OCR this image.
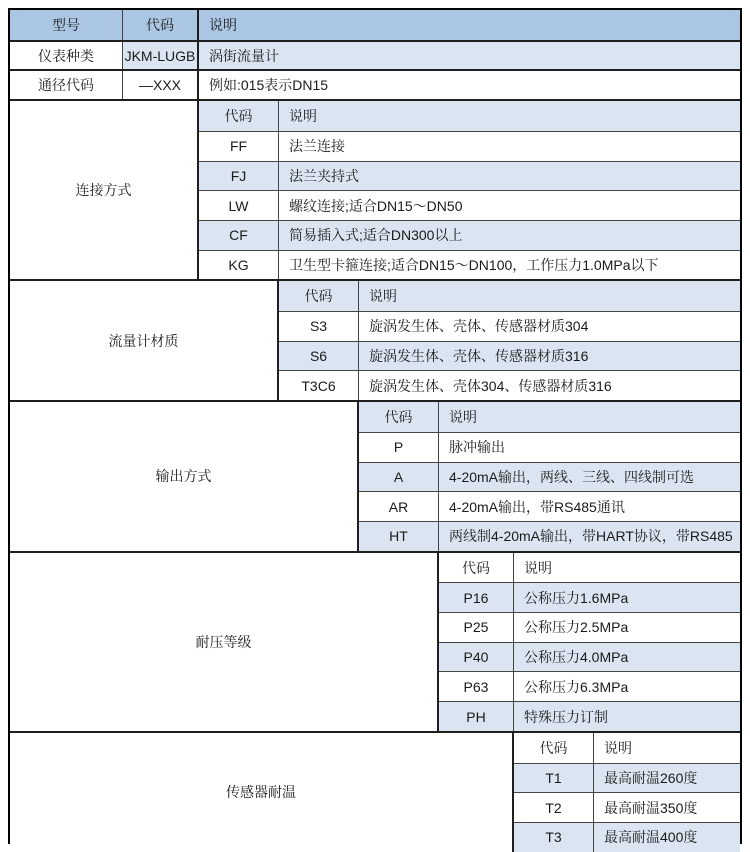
型号	代码	说明
仪表种类	JKM-LUGB 涡街流量计
通径代码	—XXX	例如:015表示DN15
连接方式
代码	说明
FF	法兰连接
FJ	法兰夹持式
LW	螺纹连接;适合DN15～DN50
CF	简易插入式;适合DN300以上
KG	卫生型卡箍连接;适合DN15～DN100，工作压力1.0MPa以下
流量计材质
代码	说明
S3	旋涡发生体、壳体、传感器材质304
S6	旋涡发生体、壳体、传感器材质316
T3C6	旋涡发生体、壳体304、传感器材质316
输出方式
代码	说明
P	脉冲输出
A	4-20mA输出，两线、三线、四线制可选
AR	4-20mA输出，带RS485通讯
HT	两线制4-20mA输出，带HART协议，带RS485
耐压等级
代码	说明
P16	公称压力1.6MPa
P25	公称压力2.5MPa
P40	公称压力4.0MPa
P63	公称压力6.3MPa
PH	特殊压力订制
传感器耐温
代码	说明
T1	最高耐温260度
T2	最高耐温350度
T3	最高耐温400度
